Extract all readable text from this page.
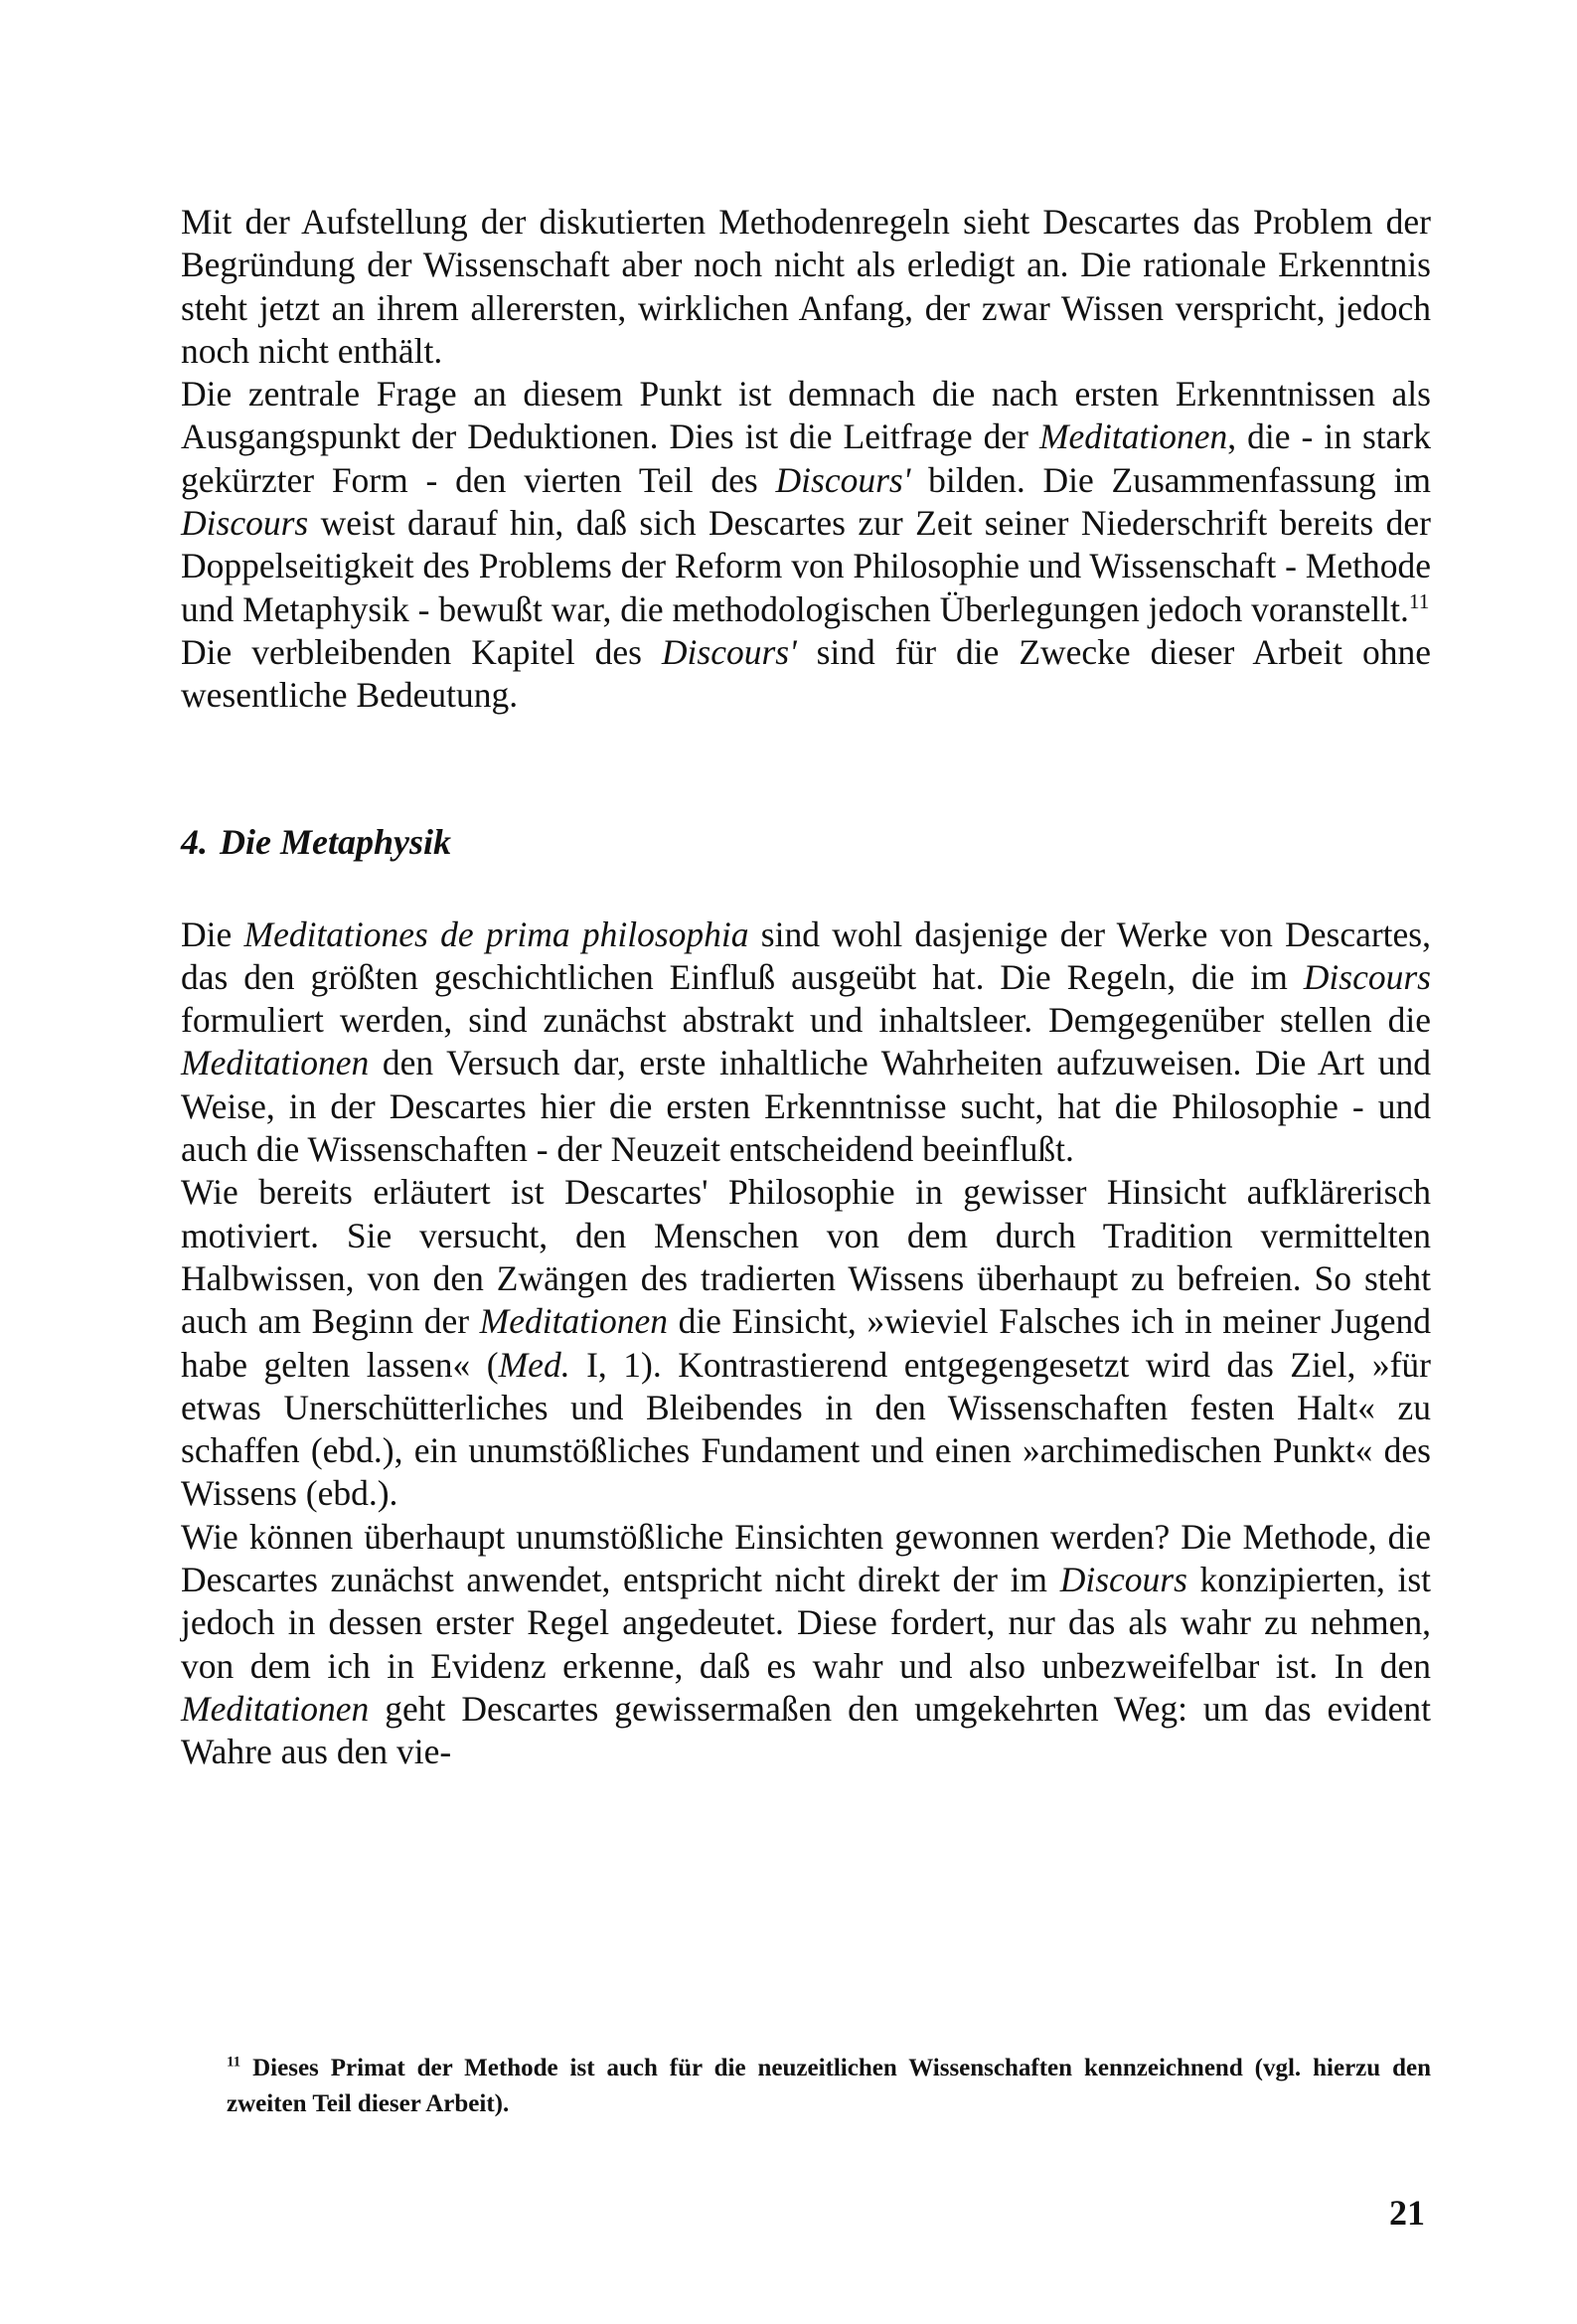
Mit der Aufstellung der diskutierten Methodenregeln sieht Descartes das Problem der Begründung der Wissenschaft aber noch nicht als erledigt an. Die rationale Erkenntnis steht jetzt an ihrem allerersten, wirklichen Anfang, der zwar Wissen verspricht, jedoch noch nicht enthält.

Die zentrale Frage an diesem Punkt ist demnach die nach ersten Erkenntnissen als Ausgangspunkt der Deduktionen. Dies ist die Leitfrage der Meditationen, die - in stark gekürzter Form - den vierten Teil des Discours' bilden. Die Zusammenfassung im Discours weist darauf hin, daß sich Descartes zur Zeit seiner Niederschrift bereits der Doppelseitigkeit des Problems der Reform von Philosophie und Wissenschaft - Methode und Metaphysik - bewußt war, die methodologischen Überlegungen jedoch voranstellt.$^{11}$

Die verbleibenden Kapitel des Discours' sind für die Zwecke dieser Arbeit ohne wesentliche Bedeutung.

4. Die Metaphysik

Die Meditationes de prima philosophia sind wohl dasjenige der Werke von Descartes, das den größten geschichtlichen Einfluß ausgeübt hat. Die Regeln, die im Discours formuliert werden, sind zunächst abstrakt und inhaltsleer. Demgegenüber stellen die Meditationen den Versuch dar, erste inhaltliche Wahrheiten aufzuweisen. Die Art und Weise, in der Descartes hier die ersten Erkenntnisse sucht, hat die Philosophie - und auch die Wissenschaften - der Neuzeit entscheidend beeinflußt.

Wie bereits erläutert ist Descartes' Philosophie in gewisser Hinsicht aufklärerisch motiviert. Sie versucht, den Menschen von dem durch Tradition vermittelten Halbwissen, von den Zwängen des tradierten Wissens überhaupt zu befreien. So steht auch am Beginn der Meditationen die Einsicht, »wieviel Falsches ich in meiner Jugend habe gelten lassen« (Med. I, 1). Kontrastierend entgegengesetzt wird das Ziel, »für etwas Unerschütterliches und Bleibendes in den Wissenschaften festen Halt« zu schaffen (ebd.), ein unumstößliches Fundament und einen »archimedischen Punkt« des Wissens (ebd.).

Wie können überhaupt unumstößliche Einsichten gewonnen werden? Die Methode, die Descartes zunächst anwendet, entspricht nicht direkt der im Discours konzipierten, ist jedoch in dessen erster Regel angedeutet. Diese fordert, nur das als wahr zu nehmen, von dem ich in Evidenz erkenne, daß es wahr und also unbezweifelbar ist. In den Meditationen geht Descartes gewissermaßen den umgekehrten Weg: um das evident Wahre aus den vie-

$^{11}$ Dieses Primat der Methode ist auch für die neuzeitlichen Wissenschaften kennzeichnend (vgl. hierzu den zweiten Teil dieser Arbeit).
21
